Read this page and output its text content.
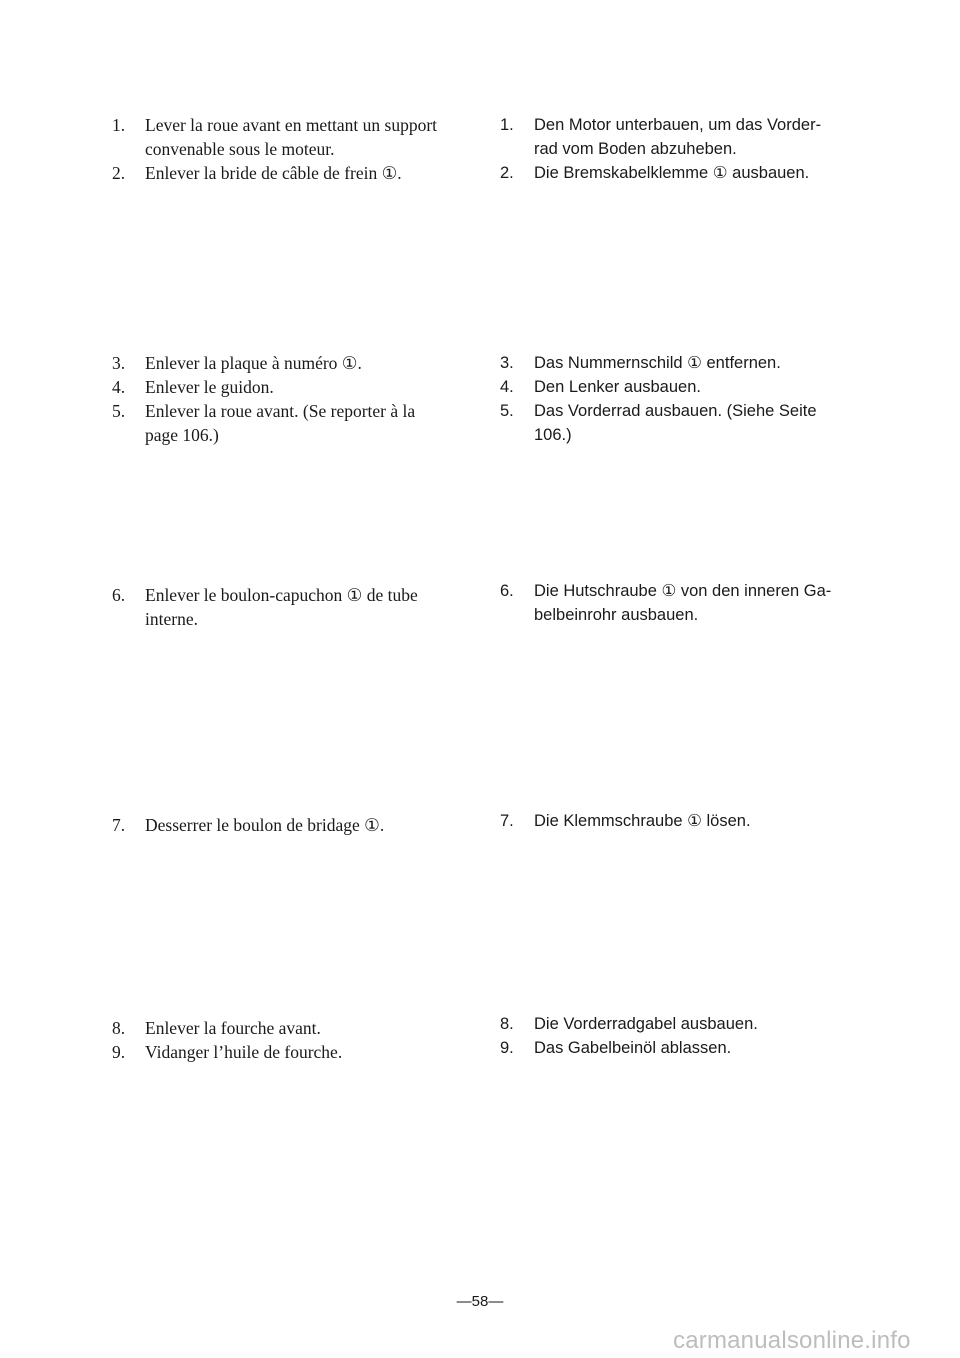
1.	Lever la roue avant en mettant un support
convenable sous le moteur.
2.	Enlever la bride de câble de frein ①.
3.	Enlever la plaque à numéro ①.
4.	Enlever le guidon.
5.	Enlever la roue avant. (Se reporter à la
page 106.)
6.	Enlever le boulon-capuchon ① de tube
interne.
7.	Desserrer le boulon de bridage ①.
8.	Enlever la fourche avant.
9.	Vidanger l’huile de fourche.
1.	Den Motor unterbauen, um das Vorder-
rad vom Boden abzuheben.
2.	Die Bremskabelklemme ① ausbauen.
3.	Das Nummernschild ① entfernen.
4.	Den Lenker ausbauen.
5.	Das Vorderrad ausbauen. (Siehe Seite
106.)
6.	Die Hutschraube ① von den inneren Ga-
belbeinrohr ausbauen.
7.	Die Klemmschraube ① lösen.
8.	Die Vorderradgabel ausbauen.
9.	Das Gabelbeinöl ablassen.
—58—
carmanualsonline.info
